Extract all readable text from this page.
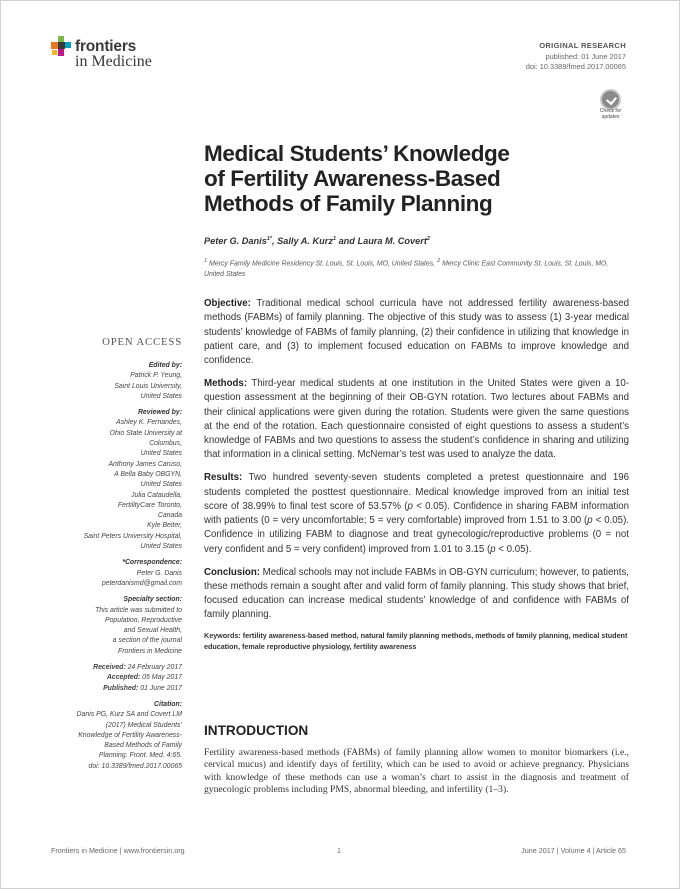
frontiers
in Medicine
ORIGINAL RESEARCH
published: 01 June 2017
doi: 10.3389/fmed.2017.00065
Check for
updates
Medical Students’ Knowledge
of Fertility Awareness-Based
Methods of Family Planning
Peter G. Danis$^{1*}$, Sally A. Kurz$^1$ and Laura M. Covert$^2$
$^1$ Mercy Family Medicine Residency St. Louis, St. Louis, MO, United States, $^2$ Mercy Clinic East Community St. Louis, St. Louis, MO, United States

Objective: Traditional medical school curricula have not addressed fertility awareness-based methods (FABMs) of family planning. The objective of this study was to assess (1) 3-year medical students’ knowledge of FABMs of family planning, (2) their confidence in utilizing that knowledge in patient care, and (3) to implement focused education on FABMs to improve knowledge and confidence.

Methods: Third-year medical students at one institution in the United States were given a 10-question assessment at the beginning of their OB-GYN rotation. Two lectures about FABMs and their clinical applications were given during the rotation. Students were given the same questions at the end of the rotation. Each questionnaire consisted of eight questions to assess a student’s knowledge of FABMs and two questions to assess the student’s confidence in sharing and utilizing that information in a clinical setting. McNemar’s test was used to analyze the data.

Results: Two hundred seventy-seven students completed a pretest questionnaire and 196 students completed the posttest questionnaire. Medical knowledge improved from an initial test score of 38.99% to final test score of 53.57% (p < 0.05). Confidence in sharing FABM information with patients (0 = very uncomfortable; 5 = very comfortable) improved from 1.51 to 3.00 (p < 0.05). Confidence in utilizing FABM to diagnose and treat gynecologic/reproductive problems (0 = not very confident and 5 = very confident) improved from 1.01 to 3.15 (p < 0.05).

Conclusion: Medical schools may not include FABMs in OB-GYN curriculum; however, to patients, these methods remain a sought after and valid form of family planning. This study shows that brief, focused education can increase medical students’ knowledge of and confidence with FABMs of family planning.

Keywords: fertility awareness-based method, natural family planning methods, methods of family planning, medical student education, female reproductive physiology, fertility awareness

INTRODUCTION

Fertility awareness-based methods (FABMs) of family planning allow women to monitor biomarkers (i.e., cervical mucus) and identify days of fertility, which can be used to avoid or achieve pregnancy. Physicians with knowledge of these methods can use a woman’s chart to assist in the diagnosis and treatment of gynecologic problems including PMS, abnormal bleeding, and infertility (1–3).

OPEN ACCESS
Edited by:
Patrick P. Yeung,
Saint Louis University,
United States
Reviewed by:
Ashley K. Fernandes,
Ohio State University at
Columbus,
United States
Anthony James Caruso,
A Bella Baby OBGYN,
United States
Julia Cataudella,
FertilityCare Toronto,
Canada
Kyle Beiter,
Saint Peters University Hospital,
United States
*Correspondence:
Peter G. Danis
peterdanismd@gmail.com
Specialty section:
This article was submitted to
Population, Reproductive
and Sexual Health,
a section of the journal
Frontiers in Medicine
Received: 24 February 2017
Accepted: 05 May 2017
Published: 01 June 2017
Citation:
Danis PG, Kurz SA and Covert LM
(2017) Medical Students’
Knowledge of Fertility Awareness-
Based Methods of Family
Planning. Front. Med. 4:65.
doi: 10.3389/fmed.2017.00065
Frontiers in Medicine | www.frontiersin.org	1	June 2017 | Volume 4 | Article 65
